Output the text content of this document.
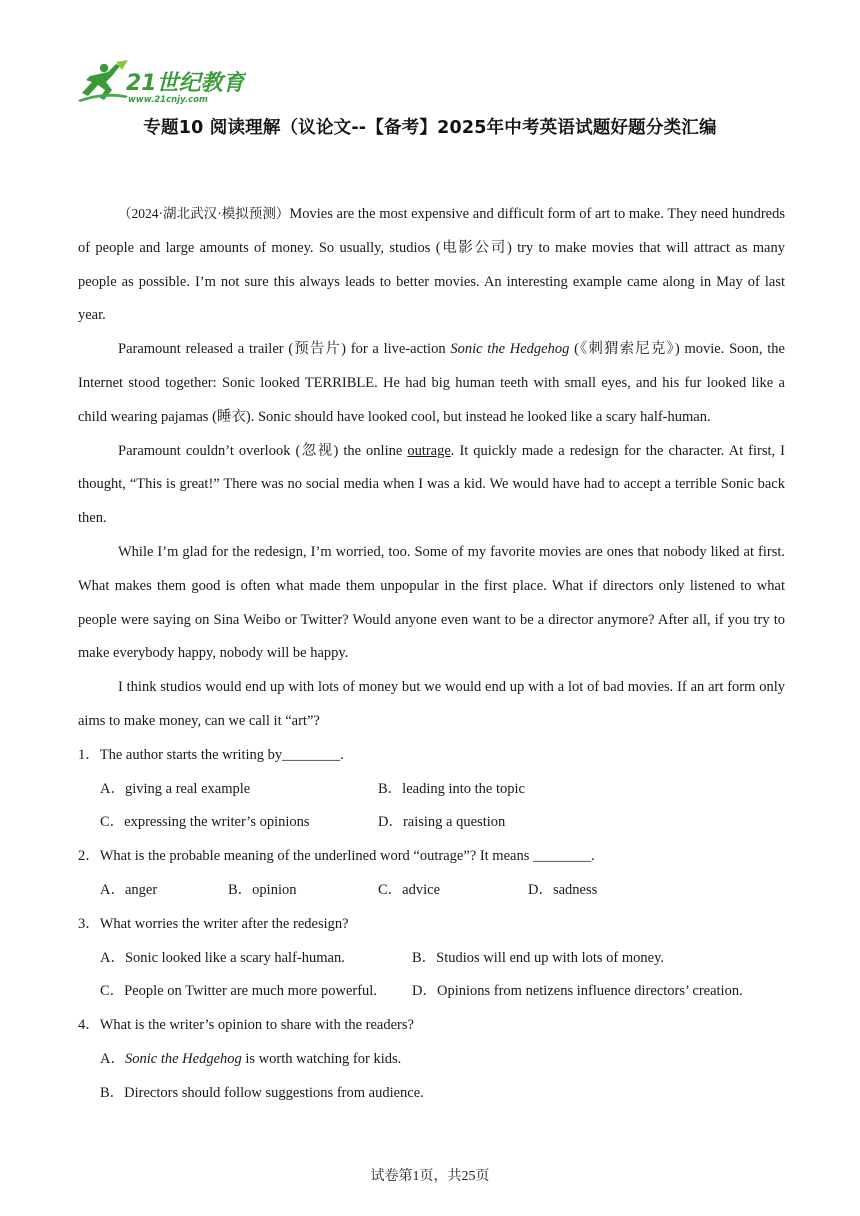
21世纪教育
www.21cnjy.com
专题10 阅读理解（议论文--【备考】2025年中考英语试题好题分类汇编

（2024·湖北武汉·模拟预测）Movies are the most expensive and difficult form of art to make. They need hundreds of people and large amounts of money. So usually, studios (电影公司) try to make movies that will attract as many people as possible. I’m not sure this always leads to better movies. An interesting example came along in May of last year.

Paramount released a trailer (预告片) for a live-action Sonic the Hedgehog (《刺猬索尼克》) movie. Soon, the Internet stood together: Sonic looked TERRIBLE. He had big human teeth with small eyes, and his fur looked like a child wearing pajamas (睡衣). Sonic should have looked cool, but instead he looked like a scary half-human.

Paramount couldn’t overlook (忽视) the online outrage. It quickly made a redesign for the character. At first, I thought, “This is great!” There was no social media when I was a kid. We would have had to accept a terrible Sonic back then.

While I’m glad for the redesign, I’m worried, too. Some of my favorite movies are ones that nobody liked at first. What makes them good is often what made them unpopular in the first place. What if directors only listened to what people were saying on Sina Weibo or Twitter? Would anyone even want to be a director anymore? After all, if you try to make everybody happy, nobody will be happy.

I think studios would end up with lots of money but we would end up with a lot of bad movies. If an art form only aims to make money, can we call it “art”?

1．The author starts the writing by________.

A．giving a real example	B．leading into the topic
C．expressing the writer’s opinions	D．raising a question

2．What is the probable meaning of the underlined word “outrage”? It means ________.

A．anger	B．opinion	C．advice	D．sadness

3．What worries the writer after the redesign?

A．Sonic looked like a scary half-human.	B．Studios will end up with lots of money.
C．People on Twitter are much more powerful. D．Opinions from netizens influence directors’ creation.

4．What is the writer’s opinion to share with the readers?

A．Sonic the Hedgehog is worth watching for kids.

B．Directors should follow suggestions from audience.

试卷第1页，共25页
